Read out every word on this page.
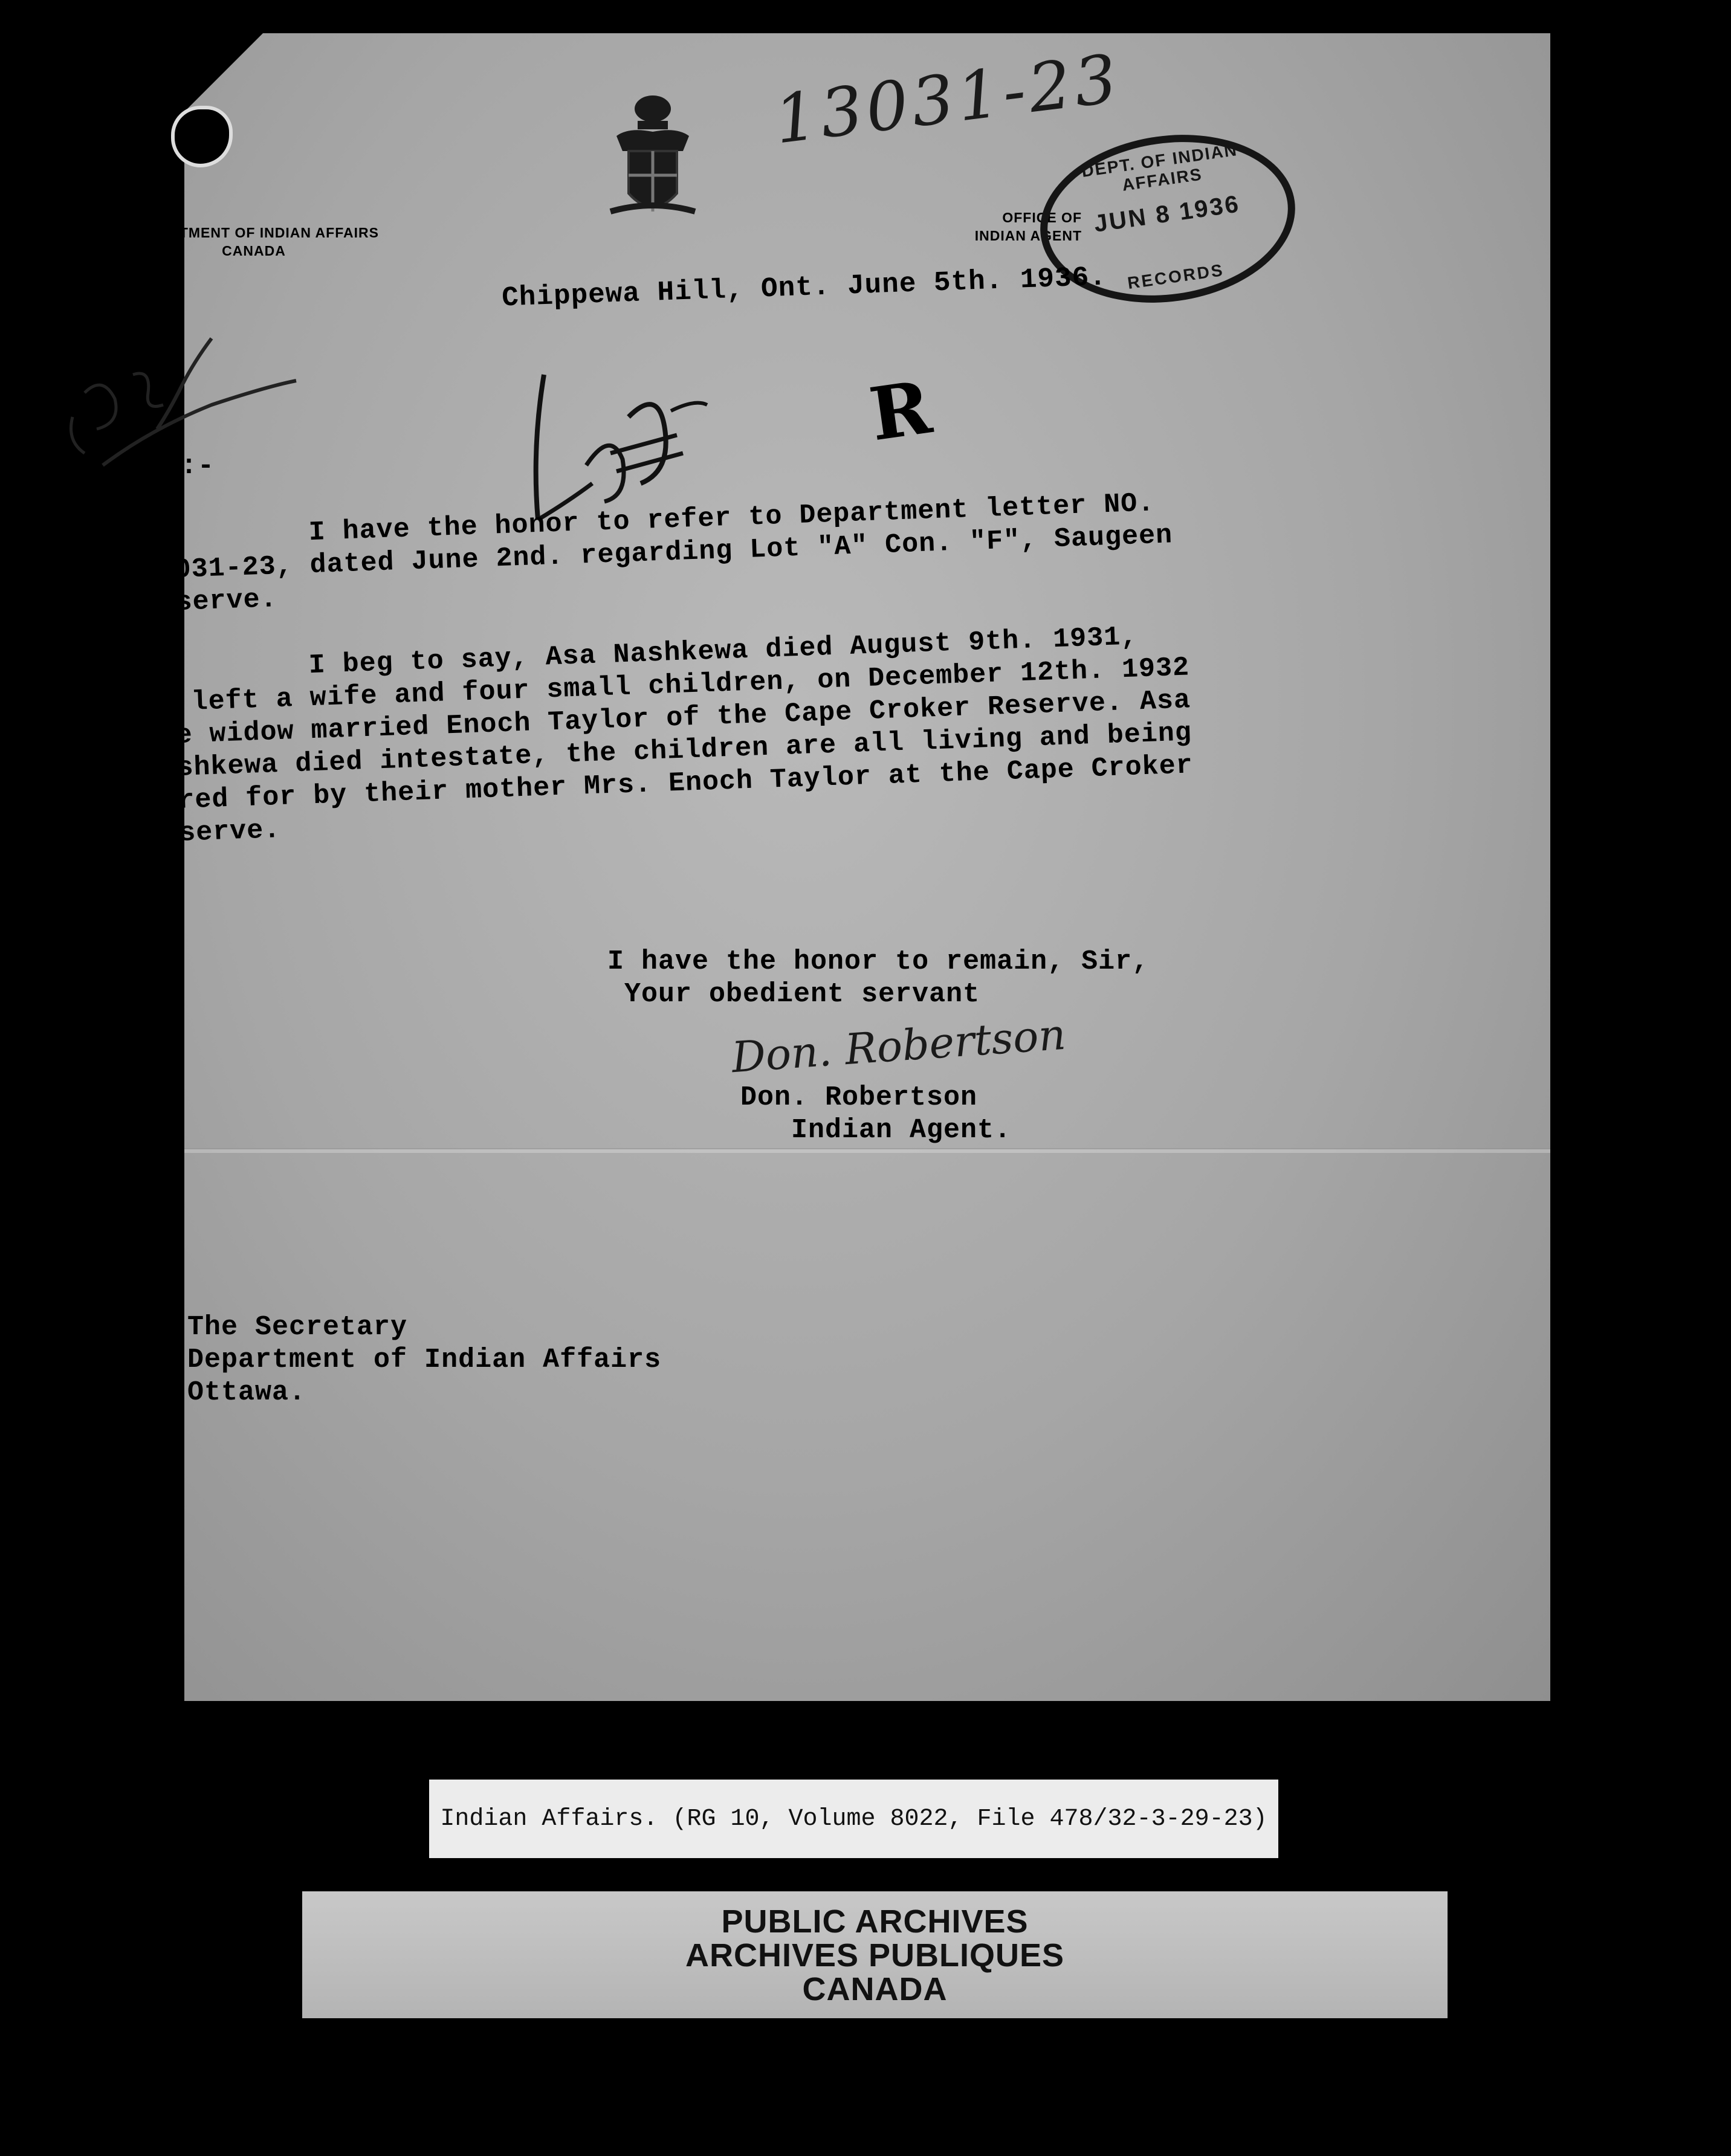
DEPARTMENT OF INDIAN AFFAIRS
CANADA
OFFICE OF
INDIAN AGENT
13031-23
DEPT. OF INDIAN AFFAIRS
JUN 8 1936
RECORDS
Chippewa Hill, Ont. June 5th. 1936.
R
Sir:-
I have the honor to refer to Department letter NO.
13031-23, dated June 2nd. regarding Lot "A" Con. "F", Saugeen
Reserve.
I beg to say, Asa Nashkewa died August 9th. 1931,
he left a wife and four small children, on December 12th. 1932
the widow married Enoch Taylor of the Cape Croker Reserve. Asa
Nashkewa died intestate, the children are all living and being
cared for by their mother Mrs. Enoch Taylor at the Cape Croker
Reserve.
I have the honor to remain, Sir,
Your obedient servant
Don. Robertson
Don. Robertson
Indian Agent.
The Secretary
Department of Indian Affairs
Ottawa.
Indian Affairs. (RG 10, Volume 8022, File 478/32-3-29-23)
PUBLIC ARCHIVES
ARCHIVES PUBLIQUES
CANADA
